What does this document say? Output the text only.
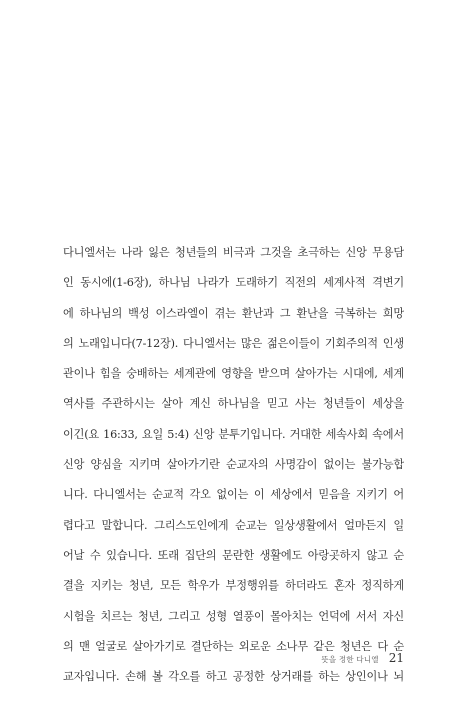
다니엘서는 나라 잃은 청년들의 비극과 그것을 초극하는 신앙 무용담
인 동시에(1-6장), 하나님 나라가 도래하기 직전의 세계사적 격변기
에 하나님의 백성 이스라엘이 겪는 환난과 그 환난을 극복하는 희망
의 노래입니다(7-12장). 다니엘서는 많은 젊은이들이 기회주의적 인생
관이나 힘을 숭배하는 세계관에 영향을 받으며 살아가는 시대에, 세계
역사를 주관하시는 살아 계신 하나님을 믿고 사는 청년들이 세상을
이긴(요 16:33, 요일 5:4) 신앙 분투기입니다. 거대한 세속사회 속에서
신앙 양심을 지키며 살아가기란 순교자의 사명감이 없이는 불가능합
니다. 다니엘서는 순교적 각오 없이는 이 세상에서 믿음을 지키기 어
렵다고 말합니다. 그리스도인에게 순교는 일상생활에서 얼마든지 일
어날 수 있습니다. 또래 집단의 문란한 생활에도 아랑곳하지 않고 순
결을 지키는 청년, 모든 학우가 부정행위를 하더라도 혼자 정직하게
시험을 치르는 청년, 그리고 성형 열풍이 몰아치는 언덕에 서서 자신
의 맨 얼굴로 살아가기로 결단하는 외로운 소나무 같은 청년은 다 순
교자입니다. 손해 볼 각오를 하고 공정한 상거래를 하는 상인이나 뇌
뜻을 정한 다니엘 21
